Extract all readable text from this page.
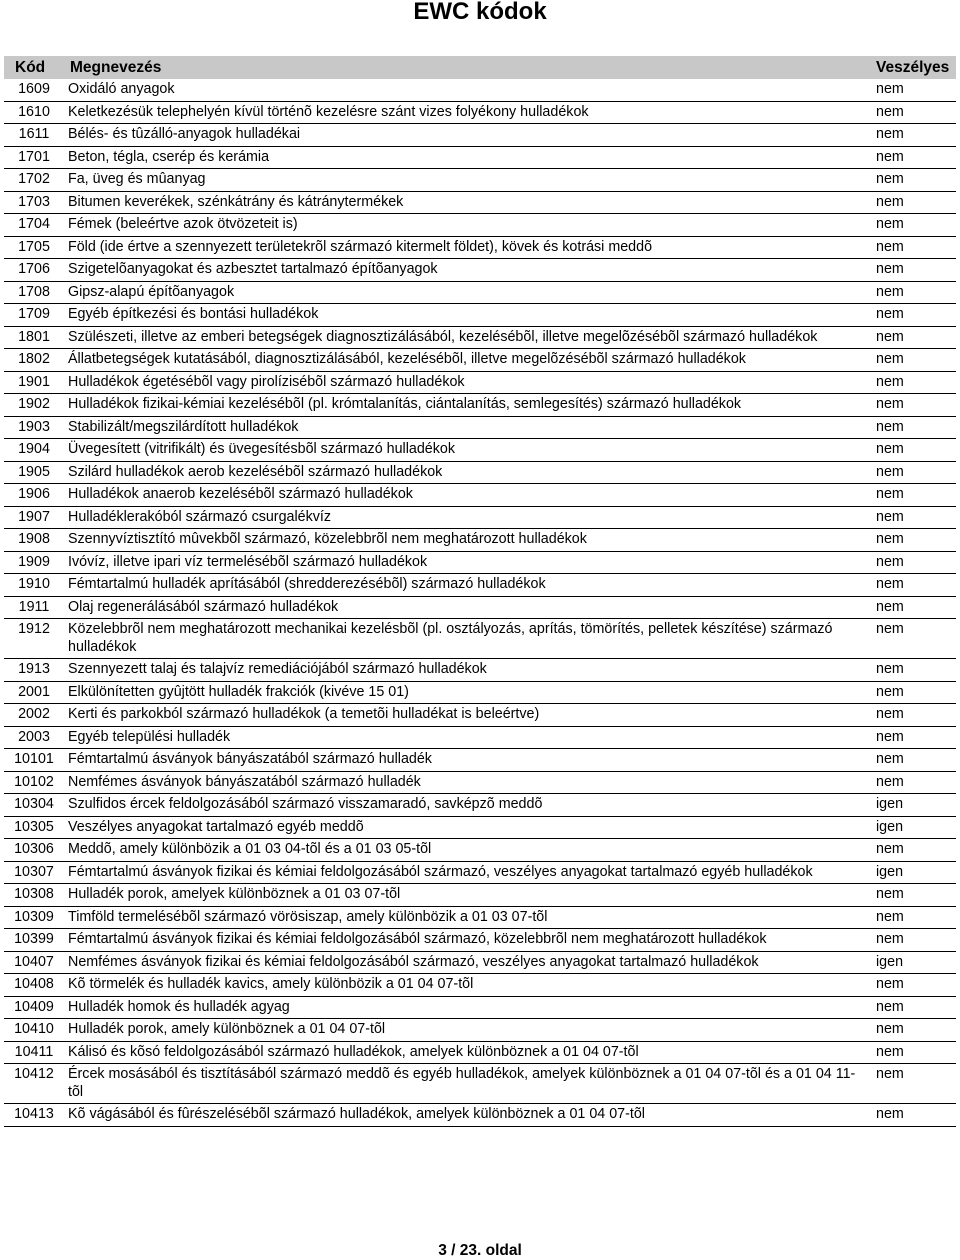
EWC kódok
Kód	Megnevezés	Veszélyes
1609	Oxidáló anyagok	nem
1610	Keletkezésük telephelyén kívül történõ kezelésre szánt vizes folyékony hulladékok	nem
1611	Bélés- és tûzálló-anyagok hulladékai	nem
1701	Beton, tégla, cserép és kerámia	nem
1702	Fa, üveg és mûanyag	nem
1703	Bitumen keverékek, szénkátrány és kátránytermékek	nem
1704	Fémek (beleértve azok ötvözeteit is)	nem
1705	Föld (ide értve a szennyezett területekrõl származó kitermelt földet), kövek és kotrási meddõ	nem
1706	Szigetelõanyagokat és azbesztet tartalmazó építõanyagok	nem
1708	Gipsz-alapú építõanyagok	nem
1709	Egyéb építkezési és bontási hulladékok	nem
1801	Szülészeti, illetve az emberi betegségek diagnosztizálásából, kezelésébõl, illetve megelõzésébõl származó hulladékok	nem
1802	Állatbetegségek kutatásából, diagnosztizálásából, kezelésébõl, illetve megelõzésébõl származó hulladékok	nem
1901	Hulladékok égetésébõl vagy pirolízisébõl származó hulladékok	nem
1902	Hulladékok fizikai-kémiai kezelésébõl (pl. krómtalanítás, ciántalanítás, semlegesítés) származó hulladékok	nem
1903	Stabilizált/megszilárdított hulladékok	nem
1904	Üvegesített (vitrifikált) és üvegesítésbõl származó hulladékok	nem
1905	Szilárd hulladékok aerob kezelésébõl származó hulladékok	nem
1906	Hulladékok anaerob kezelésébõl származó hulladékok	nem
1907	Hulladéklerakóból származó csurgalékvíz	nem
1908	Szennyvíztisztító mûvekbõl származó, közelebbrõl nem meghatározott hulladékok	nem
1909	Ivóvíz, illetve ipari víz termelésébõl származó hulladékok	nem
1910	Fémtartalmú hulladék aprításából (shredderezésébõl) származó hulladékok	nem
1911	Olaj regenerálásából származó hulladékok	nem
1912	Közelebbrõl nem meghatározott mechanikai kezelésbõl (pl. osztályozás, aprítás, tömörítés, pelletek készítése) származó hulladékok	nem
1913	Szennyezett talaj és talajvíz remediációjából származó hulladékok	nem
2001	Elkülönítetten gyûjtött hulladék frakciók (kivéve 15 01)	nem
2002	Kerti és parkokból származó hulladékok (a temetõi hulladékat is beleértve)	nem
2003	Egyéb települési hulladék	nem
10101	Fémtartalmú ásványok bányászatából származó hulladék	nem
10102	Nemfémes ásványok bányászatából származó hulladék	nem
10304	Szulfidos ércek feldolgozásából származó visszamaradó, savképzõ meddõ	igen
10305	Veszélyes anyagokat tartalmazó egyéb meddõ	igen
10306	Meddõ, amely különbözik a 01 03 04-tõl és a 01 03 05-tõl	nem
10307	Fémtartalmú ásványok fizikai és kémiai feldolgozásából származó, veszélyes anyagokat tartalmazó egyéb hulladékok	igen
10308	Hulladék porok, amelyek különböznek a 01 03 07-tõl	nem
10309	Timföld termelésébõl származó vörösiszap, amely különbözik a 01 03 07-tõl	nem
10399	Fémtartalmú ásványok fizikai és kémiai feldolgozásából származó, közelebbrõl nem meghatározott hulladékok	nem
10407	Nemfémes ásványok fizikai és kémiai feldolgozásából származó, veszélyes anyagokat tartalmazó hulladékok	igen
10408	Kõ törmelék és hulladék kavics, amely különbözik a 01 04 07-tõl	nem
10409	Hulladék homok és hulladék agyag	nem
10410	Hulladék porok, amely különböznek a 01 04 07-tõl	nem
10411	Kálisó és kõsó feldolgozásából származó hulladékok, amelyek különböznek a 01 04 07-tõl	nem
10412	Ércek mosásából és tisztításából származó meddõ és egyéb hulladékok, amelyek különböznek a 01 04 07-tõl és a 01 04 11-tõl	nem
10413	Kõ vágásából és fûrészelésébõl származó hulladékok, amelyek különböznek a 01 04 07-tõl	nem
3 / 23. oldal
